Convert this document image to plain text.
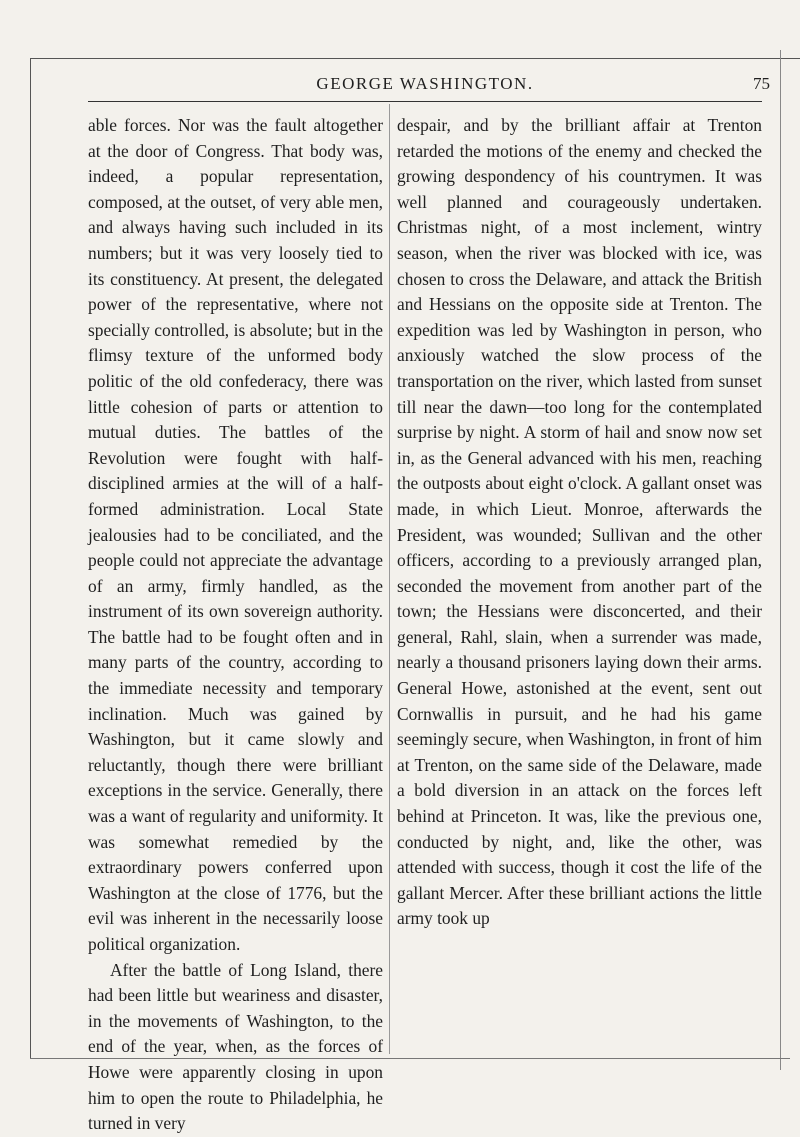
GEORGE WASHINGTON.	75

able forces. Nor was the fault altogether at the door of Congress. That body was, indeed, a popular representation, composed, at the outset, of very able men, and always having such included in its numbers; but it was very loosely tied to its constituency. At present, the delegated power of the representative, where not specially controlled, is absolute; but in the flimsy texture of the unformed body politic of the old confederacy, there was little cohesion of parts or attention to mutual duties. The battles of the Revolution were fought with half-disciplined armies at the will of a half-formed administration. Local State jealousies had to be conciliated, and the people could not appreciate the advantage of an army, firmly handled, as the instrument of its own sovereign authority. The battle had to be fought often and in many parts of the country, according to the immediate necessity and temporary inclination. Much was gained by Washington, but it came slowly and reluctantly, though there were brilliant exceptions in the service. Generally, there was a want of regularity and uniformity. It was somewhat remedied by the extraordinary powers conferred upon Washington at the close of 1776, but the evil was inherent in the necessarily loose political organization.

After the battle of Long Island, there had been littlе but weariness and disaster, in the movements of Washington, to the end of the year, when, as the forces of Howe were apparently closing in upon him to open the route to Philadelphia, he turned in very

despair, and by the brilliant affair at Trenton retarded the motions of the enemy and checked the growing despondency of his countrymen. It was well planned and courageously undertaken. Christmas night, of a most inclement, wintry season, when the river was blocked with ice, was chosen to cross the Delaware, and attack the British and Hessians on the opposite side at Trenton. The expedition was led by Washington in person, who anxiously watched the slow process of the transportation on the river, which lasted from sunset till near the dawn—too long for the contemplated surprise by night. A storm of hail and snow now set in, as the General advanced with his men, reaching the outposts about eight o'clock. A gallant onset was made, in which Lieut. Monroe, afterwards the President, was wounded; Sullivan and the other officers, according to a previously arranged plan, seconded the movement from another part of the town; the Hessians were disconcerted, and their general, Rahl, slain, when a surrender was made, nearly a thousand prisoners laying down their arms. General Howe, astonished at the event, sent out Cornwallis in pursuit, and he had his game seemingly secure, when Washington, in front of him at Trenton, on the same side of the Delaware, made a bold diversion in an attack on the forces left behind at Princeton. It was, like the previous one, conducted by night, and, like the other, was attended with success, though it cost the life of the gallant Mercer. After these brilliant actions the little army took up
